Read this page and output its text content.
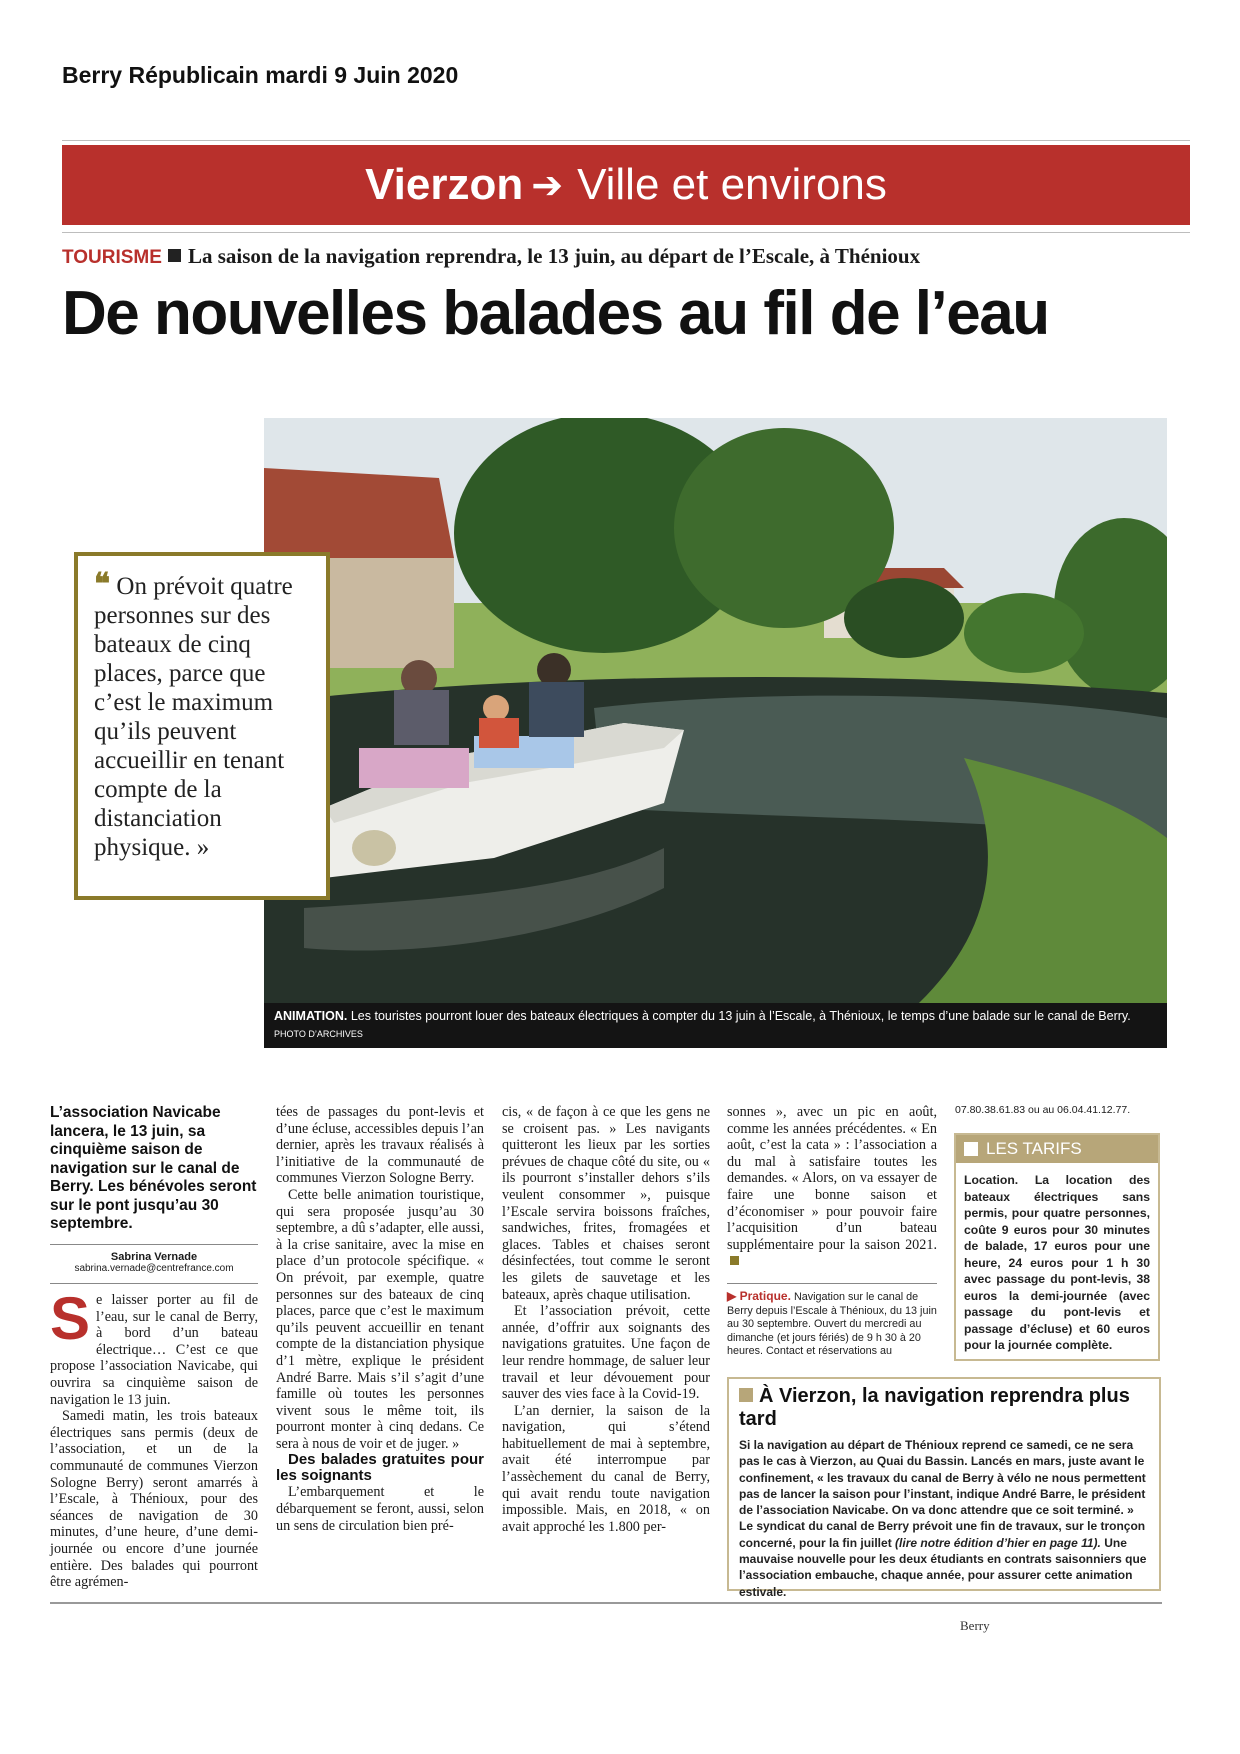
Berry Républicain mardi 9 Juin 2020
Vierzon ➔ Ville et environs
TOURISME La saison de la navigation reprendra, le 13 juin, au départ de l’Escale, à Thénioux
De nouvelles balades au fil de l’eau
ANIMATION. Les touristes pourront louer des bateaux électriques à compter du 13 juin à l’Escale, à Thénioux, le temps d’une balade sur le canal de Berry. PHOTO D’ARCHIVES
❝ On prévoit quatre personnes sur des bateaux de cinq places, parce que c’est le maximum qu’ils peuvent accueillir en tenant compte de la distanciation physique. »
L’association Navicabe lancera, le 13 juin, sa cinquième saison de navigation sur le canal de Berry. Les bénévoles seront sur le pont jusqu’au 30 septembre.
Sabrina Vernade
sabrina.vernade@centrefrance.com

Se laisser porter au fil de l’eau, sur le canal de Berry, à bord d’un bateau électrique… C’est ce que propose l’association Navicabe, qui ouvrira sa cinquième saison de navigation le 13 juin.

Samedi matin, les trois bateaux électriques sans permis (deux de l’association, et un de la communauté de communes Vierzon Sologne Berry) seront amarrés à l’Escale, à Thénioux, pour des séances de navigation de 30 minutes, d’une heure, d’une demi-journée ou encore d’une journée entière. Des balades qui pourront être agrémen-

tées de passages du pont-levis et d’une écluse, accessibles depuis l’an dernier, après les travaux réalisés à l’initiative de la communauté de communes Vierzon Sologne Berry.

Cette belle animation touristique, qui sera proposée jusqu’au 30 septembre, a dû s’adapter, elle aussi, à la crise sanitaire, avec la mise en place d’un protocole spécifique. « On prévoit, par exemple, quatre personnes sur des bateaux de cinq places, parce que c’est le maximum qu’ils peuvent accueillir en tenant compte de la distanciation physique d’1 mètre, explique le président André Barre. Mais s’il s’agit d’une famille où toutes les personnes vivent sous le même toit, ils pourront monter à cinq dedans. Ce sera à nous de voir et de juger. »

Des balades gratuites pour les soignants

L’embarquement et le débarquement se feront, aussi, selon un sens de circulation bien pré-

cis, « de façon à ce que les gens ne se croisent pas. » Les navigants quitteront les lieux par les sorties prévues de chaque côté du site, ou « ils pourront s’installer dehors s’ils veulent consommer », puisque l’Escale servira boissons fraîches, sandwiches, frites, fromagées et glaces. Tables et chaises seront désinfectées, tout comme le seront les gilets de sauvetage et les bateaux, après chaque utilisation.

Et l’association prévoit, cette année, d’offrir aux soignants des navigations gratuites. Une façon de leur rendre hommage, de saluer leur travail et leur dévouement pour sauver des vies face à la Covid-19.

L’an dernier, la saison de la navigation, qui s’étend habituellement de mai à septembre, avait été interrompue par l’assèchement du canal de Berry, qui avait rendu toute navigation impossible. Mais, en 2018, « on avait approché les 1.800 per-

sonnes », avec un pic en août, comme les années précédentes. « En août, c’est la cata » : l’association a du mal à satisfaire toutes les demandes. « Alors, on va essayer de faire une bonne saison et d’économiser » pour pouvoir faire l’acquisition d’un bateau supplémentaire pour la saison 2021.

▶ Pratique. Navigation sur le canal de Berry depuis l’Escale à Thénioux, du 13 juin au 30 septembre. Ouvert du mercredi au dimanche (et jours fériés) de 9 h 30 à 20 heures. Contact et réservations au
07.80.38.61.83 ou au 06.04.41.12.77.
LES TARIFS
Location. La location des bateaux électriques sans permis, pour quatre personnes, coûte 9 euros pour 30 minutes de balade, 17 euros pour une heure, 24 euros pour 1 h 30 avec passage du pont-levis, 38 euros la demi-journée (avec passage du pont-levis et passage d’écluse) et 60 euros pour la journée complète.
À Vierzon, la navigation reprendra plus tard
Si la navigation au départ de Thénioux reprend ce samedi, ce ne sera pas le cas à Vierzon, au Quai du Bassin. Lancés en mars, juste avant le confinement, « les travaux du canal de Berry à vélo ne nous permettent pas de lancer la saison pour l’instant, indique André Barre, le président de l’association Navicabe. On va donc attendre que ce soit terminé. » Le syndicat du canal de Berry prévoit une fin de travaux, sur le tronçon concerné, pour la fin juillet (lire notre édition d’hier en page 11). Une mauvaise nouvelle pour les deux étudiants en contrats saisonniers que l’association embauche, chaque année, pour assurer cette animation estivale.
Berry
